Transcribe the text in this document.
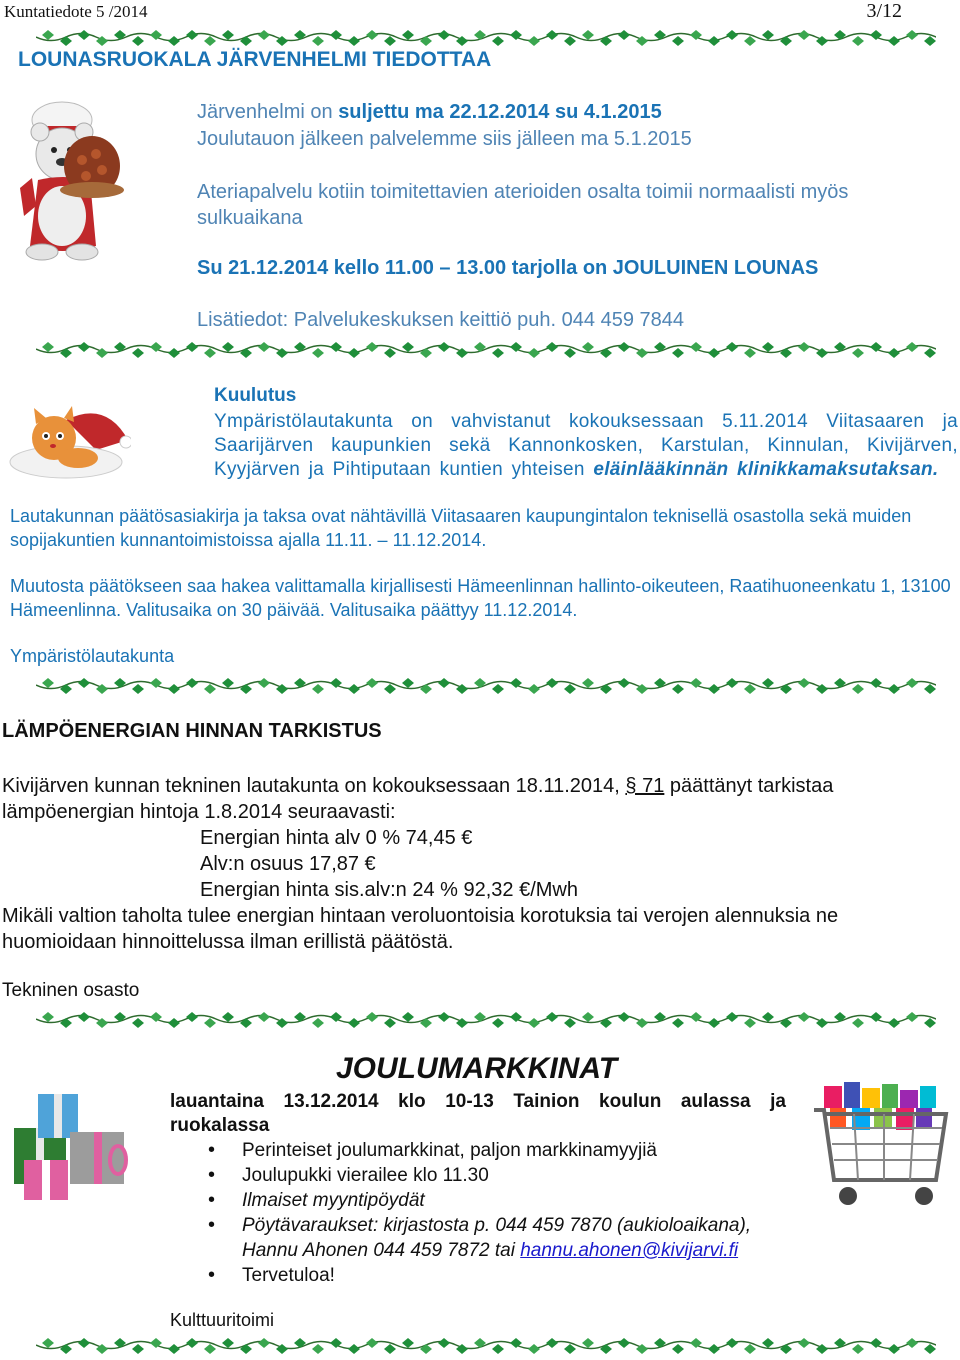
Kuntatiedote 5 /2014	3/12
LOUNASRUOKALA JÄRVENHELMI TIEDOTTAA
Järvenhelmi on suljettu ma 22.12.2014 su 4.1.2015
Joulutauon jälkeen palvelemme siis jälleen ma 5.1.2015
Ateriapalvelu kotiin toimitettavien aterioiden osalta toimii normaalisti myös sulkuaikana
Su 21.12.2014 kello 11.00 – 13.00 tarjolla on JOULUINEN LOUNAS
Lisätiedot: Palvelukeskuksen keittiö puh. 044 459 7844
Kuulutus
Ympäristölautakunta on vahvistanut kokouksessaan 5.11.2014 Viitasaaren ja Saarijärven kaupunkien sekä Kannonkosken, Karstulan, Kinnulan, Kivijärven, Kyyjärven ja Pihtiputaan kuntien yhteisen eläinlääkinnän klinikkamaksutaksan.
Lautakunnan päätösasiakirja ja taksa ovat nähtävillä Viitasaaren kaupungintalon teknisellä osastolla sekä muiden sopijakuntien kunnantoimistoissa ajalla 11.11. – 11.12.2014.
Muutosta päätökseen saa hakea valittamalla kirjallisesti Hämeenlinnan hallinto-oikeuteen, Raatihuoneenkatu 1, 13100 Hämeenlinna. Valitusaika on 30 päivää. Valitusaika päättyy 11.12.2014.
Ympäristölautakunta
LÄMPÖENERGIAN HINNAN TARKISTUS
Kivijärven kunnan tekninen lautakunta on kokouksessaan 18.11.2014, § 71 päättänyt tarkistaa lämpöenergian hintoja 1.8.2014 seuraavasti:
Energian hinta alv 0 % 74,45 €
Alv:n osuus 17,87 €
Energian hinta sis.alv:n 24 % 92,32 €/Mwh
Mikäli valtion taholta tulee energian hintaan veroluontoisia korotuksia tai verojen alennuksia ne huomioidaan hinnoittelussa ilman erillistä päätöstä.
Tekninen osasto
JOULUMARKKINAT
lauantaina 13.12.2014 klo 10-13 Tainion koulun aulassa ja ruokalassa
• Perinteiset joulumarkkinat, paljon markkinamyyjiä
• Joulupukki vierailee klo 11.30
• Ilmaiset myyntipöydät
• Pöytävaraukset: kirjastosta p. 044 459 7870 (aukioloaikana), Hannu Ahonen 044 459 7872 tai hannu.ahonen@kivijarvi.fi
• Tervetuloa!
Kulttuuritoimi
